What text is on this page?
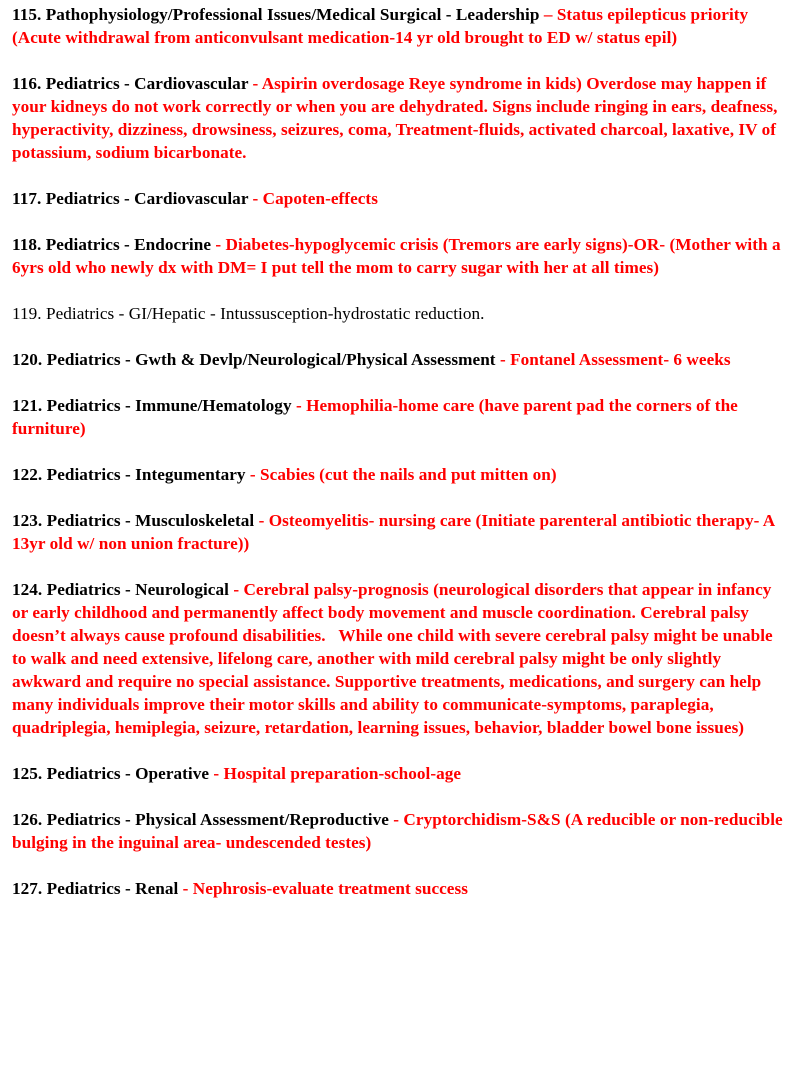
115. Pathophysiology/Professional Issues/Medical Surgical - Leadership – Status epilepticus priority (Acute withdrawal from anticonvulsant medication-14 yr old brought to ED w/ status epil)

116. Pediatrics - Cardiovascular - Aspirin overdosage Reye syndrome in kids) Overdose may happen if your kidneys do not work correctly or when you are dehydrated. Signs include ringing in ears, deafness, hyperactivity, dizziness, drowsiness, seizures, coma, Treatment-fluids, activated charcoal, laxative, IV of potassium, sodium bicarbonate.

117. Pediatrics - Cardiovascular - Capoten-effects

118. Pediatrics - Endocrine - Diabetes-hypoglycemic crisis (Tremors are early signs)-OR- (Mother with a 6yrs old who newly dx with DM= I put tell the mom to carry sugar with her at all times)

119. Pediatrics - GI/Hepatic - Intussusception-hydrostatic reduction.

120. Pediatrics - Gwth & Devlp/Neurological/Physical Assessment - Fontanel Assessment- 6 weeks

121. Pediatrics - Immune/Hematology - Hemophilia-home care (have parent pad the corners of the furniture)

122. Pediatrics - Integumentary - Scabies (cut the nails and put mitten on)

123. Pediatrics - Musculoskeletal - Osteomyelitis- nursing care (Initiate parenteral antibiotic therapy- A 13yr old w/ non union fracture))

124. Pediatrics - Neurological - Cerebral palsy-prognosis (neurological disorders that appear in infancy or early childhood and permanently affect body movement and muscle coordination. Cerebral palsy doesn’t always cause profound disabilities.   While one child with severe cerebral palsy might be unable to walk and need extensive, lifelong care, another with mild cerebral palsy might be only slightly awkward and require no special assistance. Supportive treatments, medications, and surgery can help many individuals improve their motor skills and ability to communicate-symptoms, paraplegia, quadriplegia, hemiplegia, seizure, retardation, learning issues, behavior, bladder bowel bone issues)

125. Pediatrics - Operative - Hospital preparation-school-age

126. Pediatrics - Physical Assessment/Reproductive - Cryptorchidism-S&S (A reducible or non-reducible bulging in the inguinal area- undescended testes)

127. Pediatrics - Renal - Nephrosis-evaluate treatment success
